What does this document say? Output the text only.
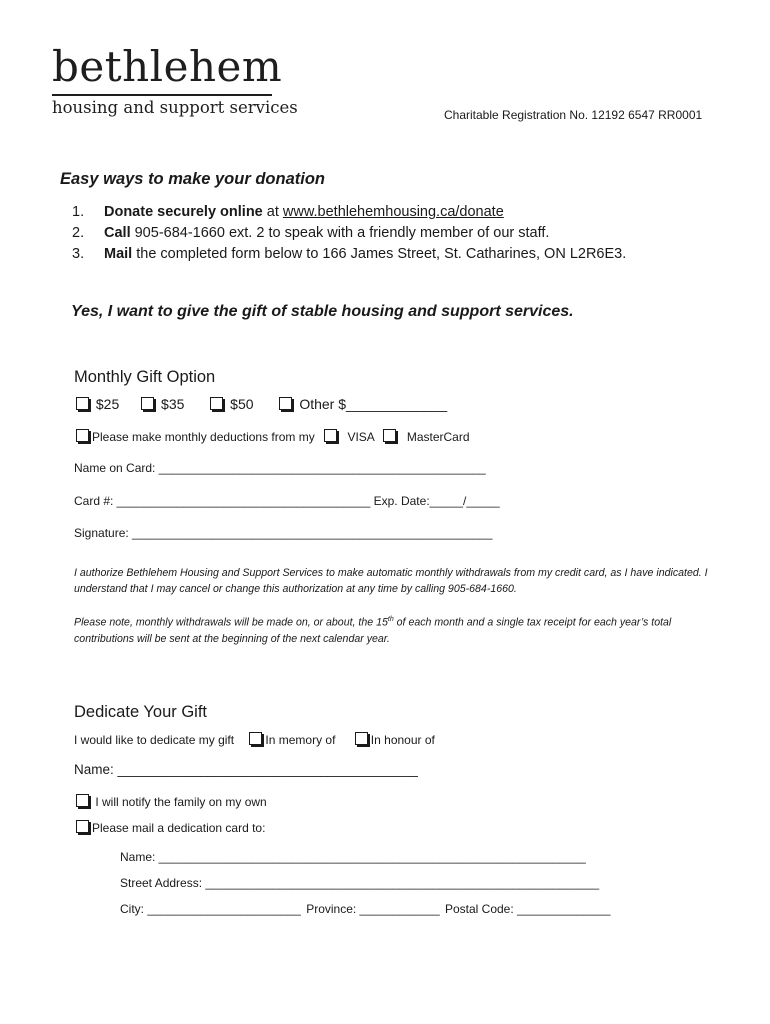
bethlehem
housing and support services	Charitable Registration No. 12192 6547 RR0001
Easy ways to make your donation
1. Donate securely online at www.bethlehemhousing.ca/donate
2. Call 905-684-1660 ext. 2 to speak with a friendly member of our staff.
3. Mail the completed form below to 166 James Street, St. Catharines, ON L2R6E3.
Yes, I want to give the gift of stable housing and support services.
Monthly Gift Option
$25	$35	$50	Other $_____________
Please make monthly deductions from my	VISA	MasterCard
Name on Card: _________________________________________________
Card #: ______________________________________ Exp. Date:_____/_____
Signature: ______________________________________________________
I authorize Bethlehem Housing and Support Services to make automatic monthly withdrawals from my credit card, as I have indicated. I understand that I may cancel or change this authorization at any time by calling 905-684-1660.
Please note, monthly withdrawals will be made on, or about, the 15th of each month and a single tax receipt for each year’s total contributions will be sent at the beginning of the next calendar year.
Dedicate Your Gift
I would like to dedicate my gift	In memory of	In honour of
Name: ________________________________________
I will notify the family on my own
Please mail a dedication card to:
Name: ________________________________________________________________
Street Address: ___________________________________________________________
City: _______________________ Province: ____________ Postal Code: ______________
